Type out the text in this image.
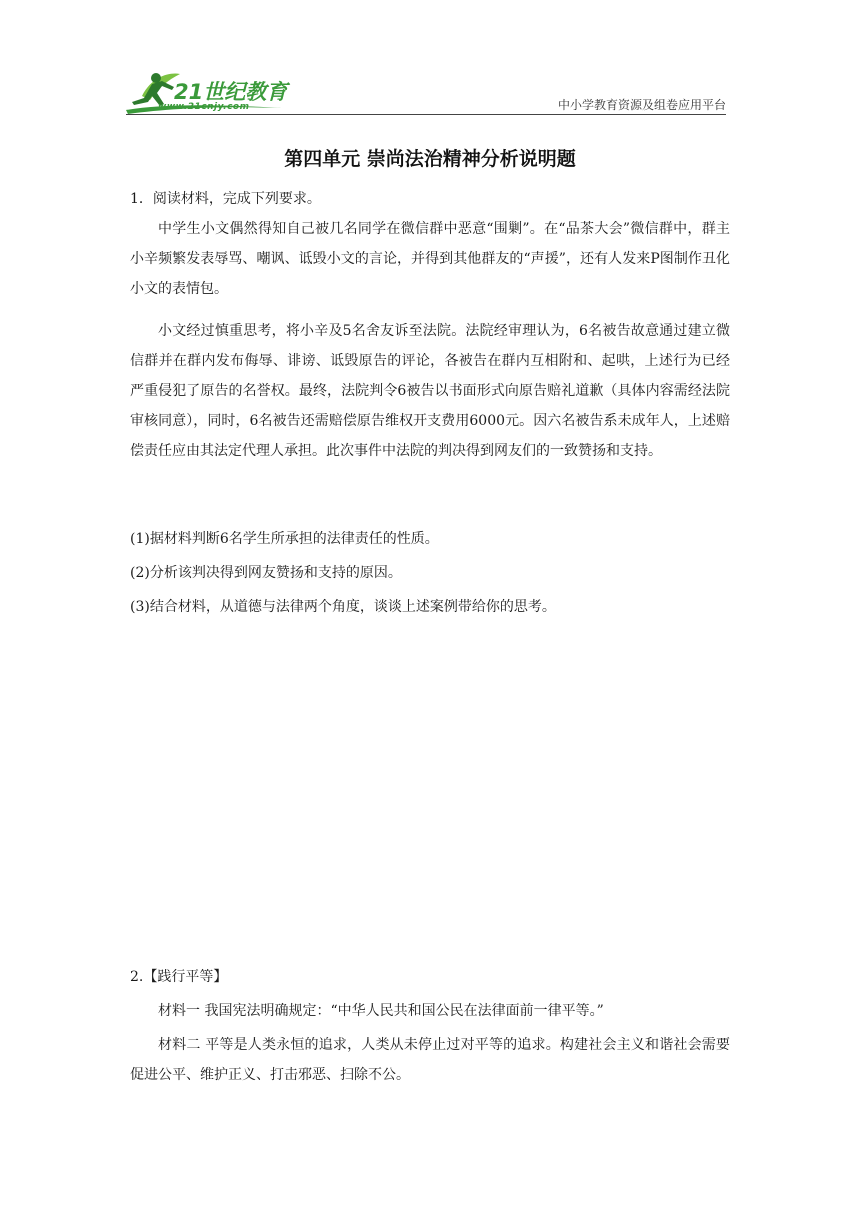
21世纪教育
www.21cnjy.com	中小学教育资源及组卷应用平台
第四单元 崇尚法治精神分析说明题
1．阅读材料，完成下列要求。
中学生小文偶然得知自己被几名同学在微信群中恶意“围剿”。在“品茶大会”微信群中，群主小辛频繁发表辱骂、嘲讽、诋毁小文的言论，并得到其他群友的“声援”，还有人发来P图制作丑化小文的表情包。
小文经过慎重思考，将小辛及5名舍友诉至法院。法院经审理认为，6名被告故意通过建立微信群并在群内发布侮辱、诽谤、诋毁原告的评论，各被告在群内互相附和、起哄，上述行为已经严重侵犯了原告的名誉权。最终，法院判令6被告以书面形式向原告赔礼道歉（具体内容需经法院审核同意），同时，6名被告还需赔偿原告维权开支费用6000元。因六名被告系未成年人，上述赔偿责任应由其法定代理人承担。此次事件中法院的判决得到网友们的一致赞扬和支持。
(1)据材料判断6名学生所承担的法律责任的性质。
(2)分析该判决得到网友赞扬和支持的原因。
(3)结合材料，从道德与法律两个角度，谈谈上述案例带给你的思考。
2.【践行平等】
材料一 我国宪法明确规定：“中华人民共和国公民在法律面前一律平等。”
材料二 平等是人类永恒的追求，人类从未停止过对平等的追求。构建社会主义和谐社会需要促进公平、维护正义、打击邪恶、扫除不公。
